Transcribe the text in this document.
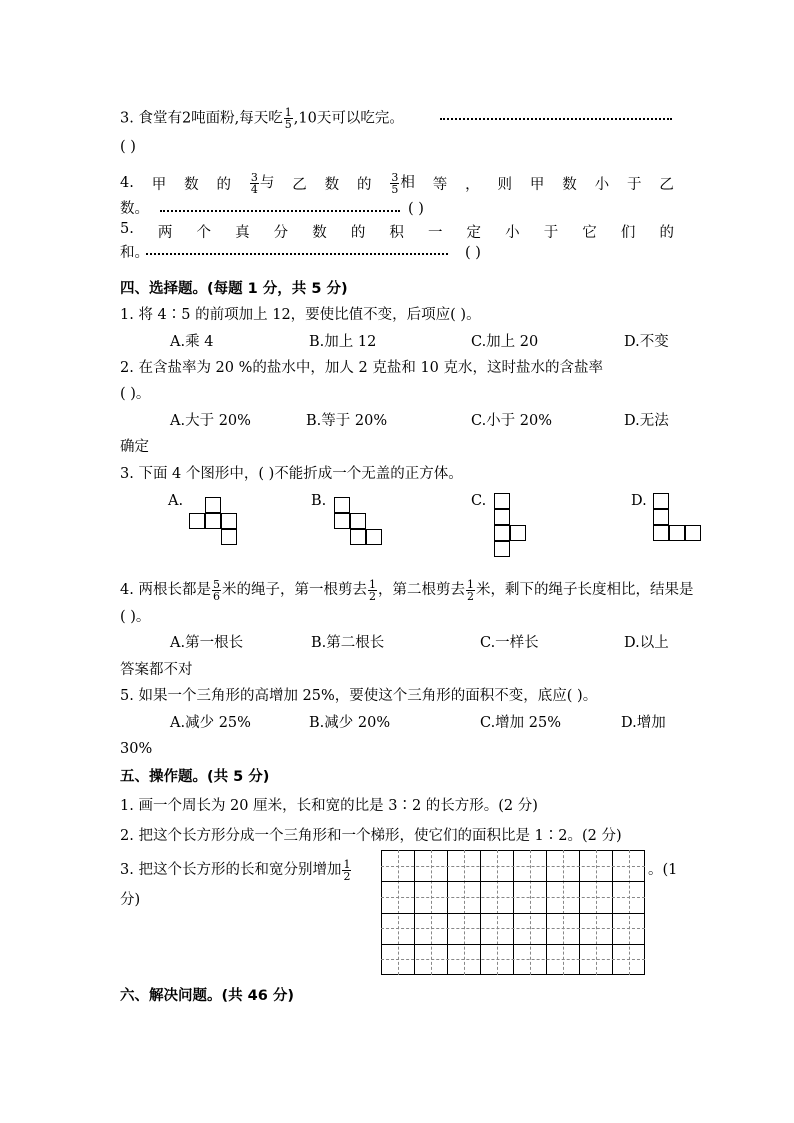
3. 食堂有2吨面粉,每天吃 $\frac{1}{5} ,10$天可以吃完。
( )
4. 甲 数 的 $\frac{3}{4}$ 与 乙 数 的 $\frac{3}{5}$ 相 等 ， 则 甲 数 小 于 乙
数。	( )
5. 两 个 真 分 数 的 积 一 定 小 于 它 们 的
和。	( )
四、选择题。(每题 1 分，共 5 分)
1. 将 4∶5 的前项加上 12，要使比值不变，后项应( )。
A.乘 4	B.加上 12	C.加上 20	D.不变
2. 在含盐率为 20 %的盐水中，加人 2 克盐和 10 克水，这时盐水的含盐率
( )。
A.大于 20%	B.等于 20%	C.小于 20%	D.无法
确定
3. 下面 4 个图形中，( )不能折成一个无盖的正方体。
A.	B.	C.	D.
4. 两根长都是 $\frac{5}{6}$ 米的绳子，第一根剪去 $\frac{1}{2}$ ，第二根剪去 $\frac{1}{2}$ 米，剩下的绳子长度相比，结果是
( )。
A.第一根长	B.第二根长	C.一样长	D.以上
答案都不对
5. 如果一个三角形的高增加 25%，要使这个三角形的面积不变，底应( )。
A.减少 25%	B.减少 20%	C.增加 25%	D.增加
30%
五、操作题。(共 5 分)
1. 画一个周长为 20 厘米，长和宽的比是 3∶2 的长方形。(2 分)
2. 把这个长方形分成一个三角形和一个梯形，使它们的面积比是 1∶2。(2 分)
3. 把这个长方形的长和宽分别增加 $\frac{1}{2}$	。(1
分)
六、解决问题。(共 46 分)
